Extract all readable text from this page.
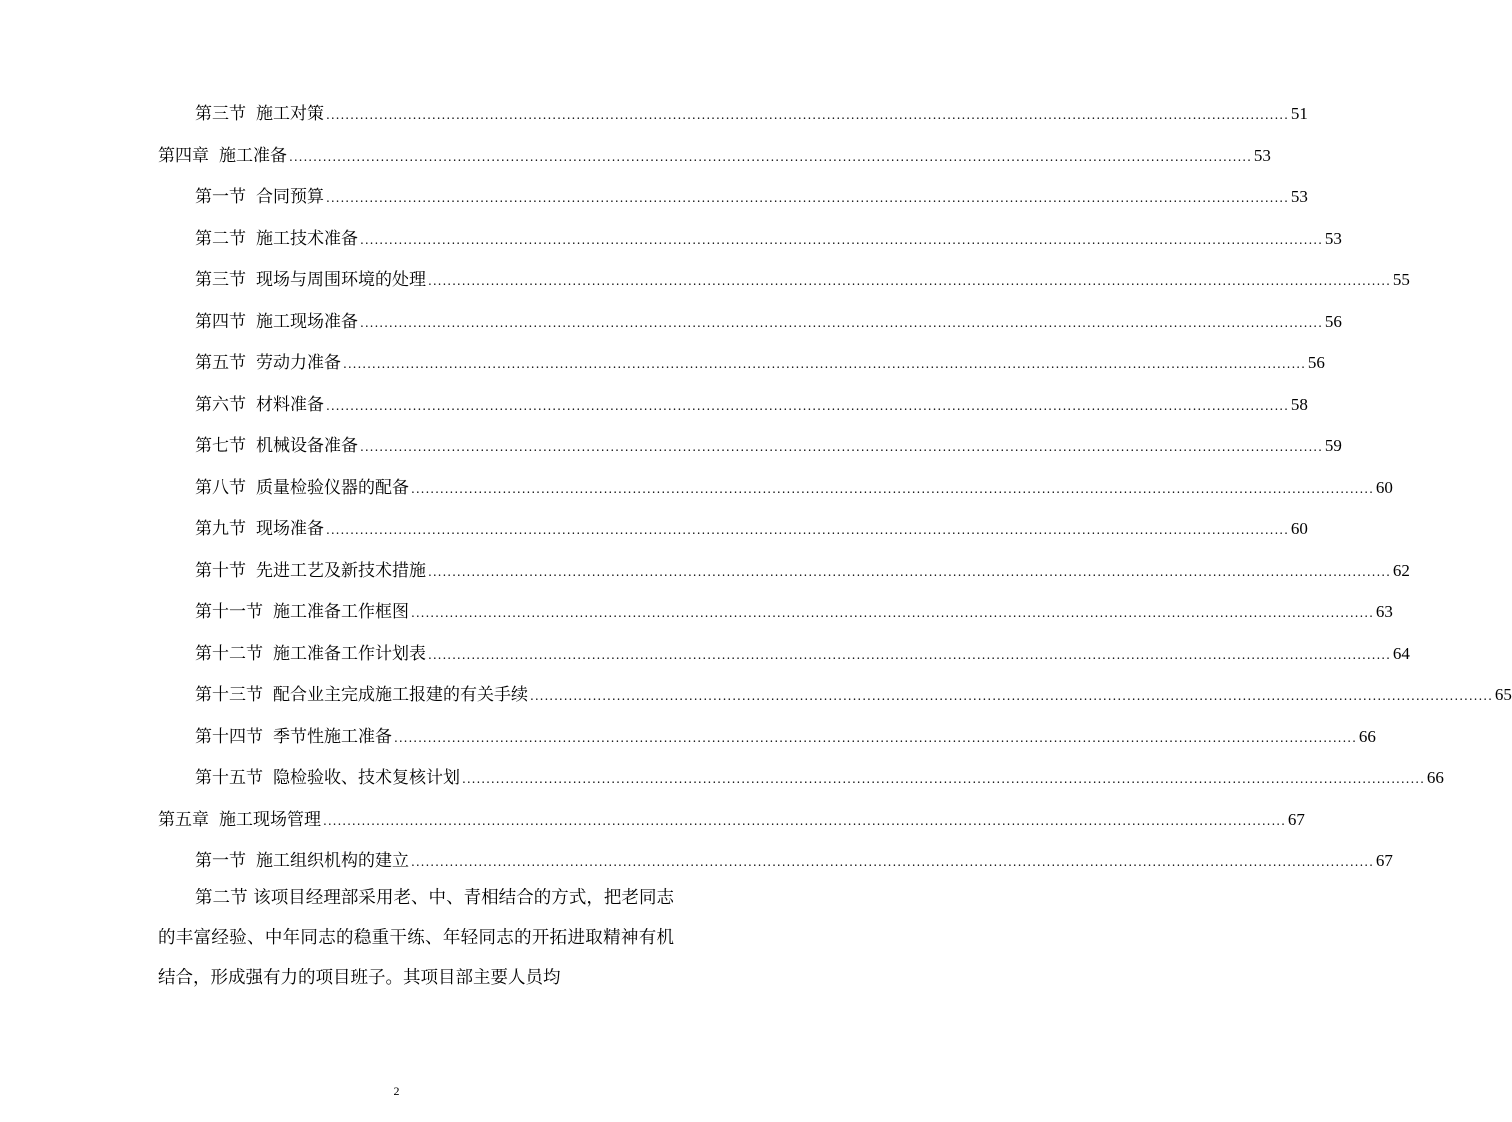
第三节 施工对策 ........................................................................................................................................................................................................ 51
第四章 施工准备 ........................................................................................................................................................................................................ 53
第一节 合同预算 ........................................................................................................................................................................................................ 53
第二节 施工技术准备 ........................................................................................................................................................................................................ 53
第三节 现场与周围环境的处理 ........................................................................................................................................................................................................ 55
第四节 施工现场准备 ........................................................................................................................................................................................................ 56
第五节 劳动力准备 ........................................................................................................................................................................................................ 56
第六节 材料准备 ........................................................................................................................................................................................................ 58
第七节 机械设备准备 ........................................................................................................................................................................................................ 59
第八节 质量检验仪器的配备 ........................................................................................................................................................................................................ 60
第九节 现场准备 ........................................................................................................................................................................................................ 60
第十节 先进工艺及新技术措施 ........................................................................................................................................................................................................ 62
第十一节 施工准备工作框图 ........................................................................................................................................................................................................ 63
第十二节 施工准备工作计划表 ........................................................................................................................................................................................................ 64
第十三节 配合业主完成施工报建的有关手续 ........................................................................................................................................................................................................ 65
第十四节 季节性施工准备 ........................................................................................................................................................................................................ 66
第十五节 隐检验收、技术复核计划 ........................................................................................................................................................................................................ 66
第五章 施工现场管理 ........................................................................................................................................................................................................ 67
第一节 施工组织机构的建立 ........................................................................................................................................................................................................ 67
第二节 该项目经理部采用老、中、青相结合的方式，把老同志的丰富经验、中年同志的稳重干练、年轻同志的开拓进取精神有机结合，形成强有力的项目班子。其项目部主要人员均
2
